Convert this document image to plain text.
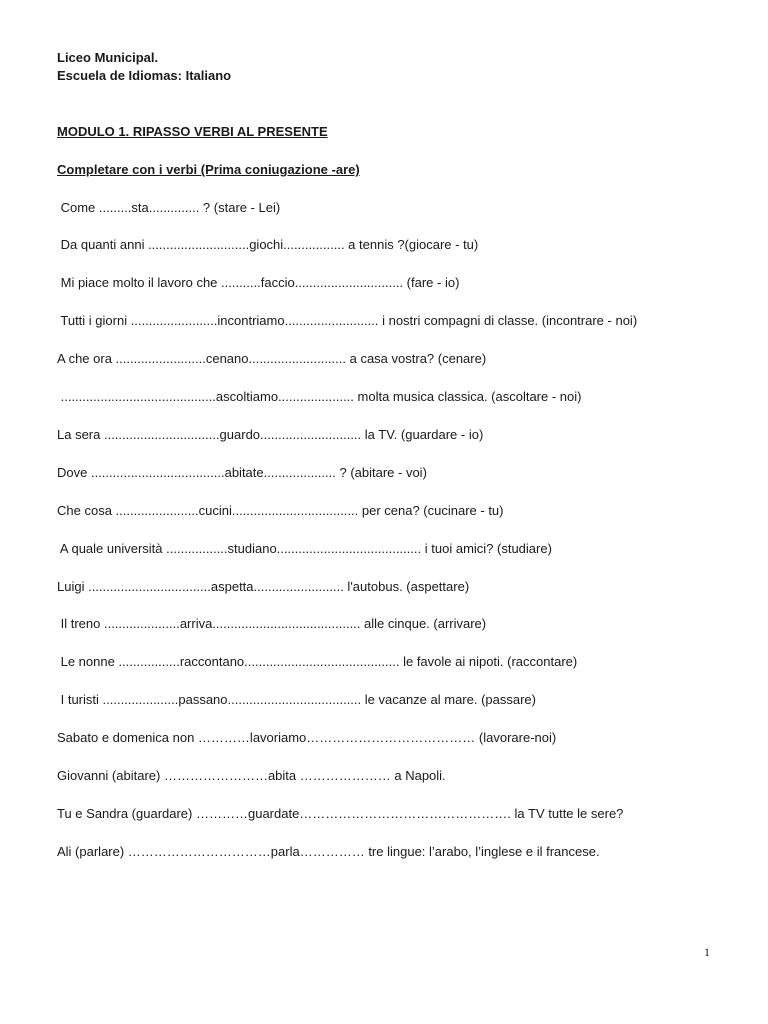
Liceo Municipal.
Escuela de Idiomas: Italiano
MODULO 1. RIPASSO VERBI AL PRESENTE
Completare con i verbi (Prima coniugazione -are)
Come .........sta.............. ? (stare - Lei)
Da quanti anni ............................giochi................. a tennis ?(giocare - tu)
Mi piace molto il lavoro che ...........faccio.............................. (fare - io)
Tutti i giorni ........................incontriamo.......................... i nostri compagni di classe. (incontrare - noi)
A che ora .........................cenano........................... a casa vostra? (cenare)
...........................................ascoltiamo..................... molta musica classica. (ascoltare - noi)
La sera ................................guardo............................ la TV. (guardare - io)
Dove .....................................abitate.................... ? (abitare - voi)
Che cosa .......................cucini................................... per cena? (cucinare - tu)
A quale università .................studiano........................................ i tuoi amici? (studiare)
Luigi ..................................aspetta......................... l'autobus. (aspettare)
Il treno .....................arriva......................................... alle cinque. (arrivare)
Le nonne .................raccontano........................................... le favole ai nipoti. (raccontare)
I turisti .....................passano..................................... le vacanze al mare. (passare)
Sabato e domenica non …………lavoriamo………………………………… (lavorare-noi)
Giovanni (abitare) ……………………abita ………………… a Napoli.
Tu e Sandra (guardare) …………guardate…………………………………………. la TV tutte le sere?
Ali (parlare) ……………………………parla…………… tre lingue: l’arabo, l’inglese e il francese.
1
